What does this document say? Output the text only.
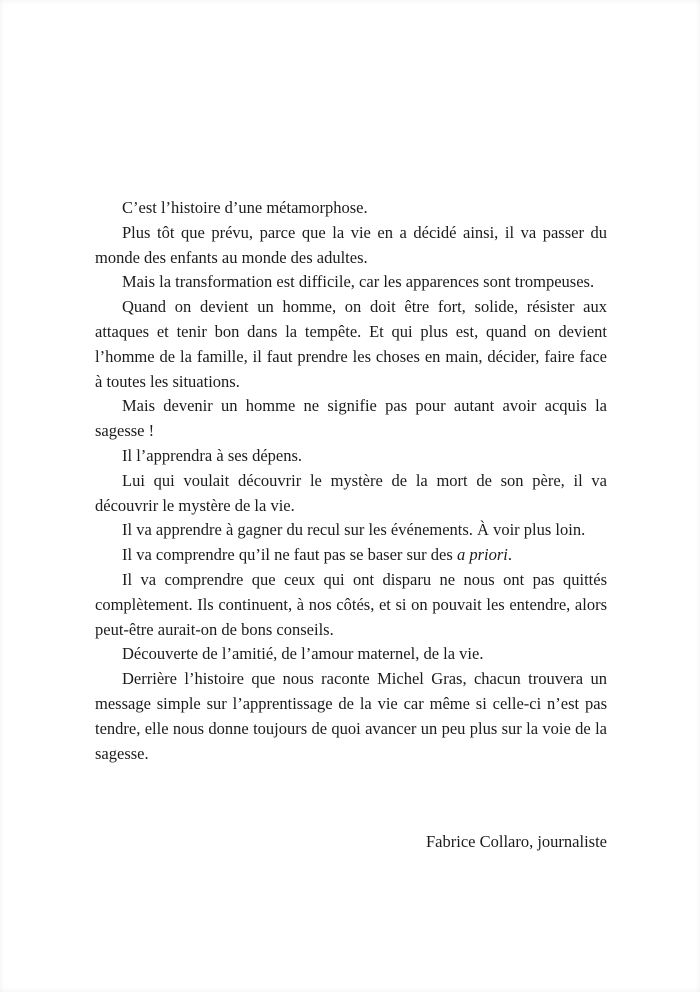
C’est l’histoire d’une métamorphose.

Plus tôt que prévu, parce que la vie en a décidé ainsi, il va passer du monde des enfants au monde des adultes.

Mais la transformation est difficile, car les apparences sont trompeuses.

Quand on devient un homme, on doit être fort, solide, résister aux attaques et tenir bon dans la tempête. Et qui plus est, quand on devient l’homme de la famille, il faut prendre les choses en main, décider, faire face à toutes les situations.

Mais devenir un homme ne signifie pas pour autant avoir acquis la sagesse !

Il l’apprendra à ses dépens.

Lui qui voulait découvrir le mystère de la mort de son père, il va découvrir le mystère de la vie.

Il va apprendre à gagner du recul sur les événements. À voir plus loin.

Il va comprendre qu’il ne faut pas se baser sur des a priori.

Il va comprendre que ceux qui ont disparu ne nous ont pas quittés complètement. Ils continuent, à nos côtés, et si on pouvait les entendre, alors peut-être aurait-on de bons conseils.

Découverte de l’amitié, de l’amour maternel, de la vie.

Derrière l’histoire que nous raconte Michel Gras, chacun trouvera un message simple sur l’apprentissage de la vie car même si celle-ci n’est pas tendre, elle nous donne toujours de quoi avancer un peu plus sur la voie de la sagesse.

Fabrice Collaro, journaliste
